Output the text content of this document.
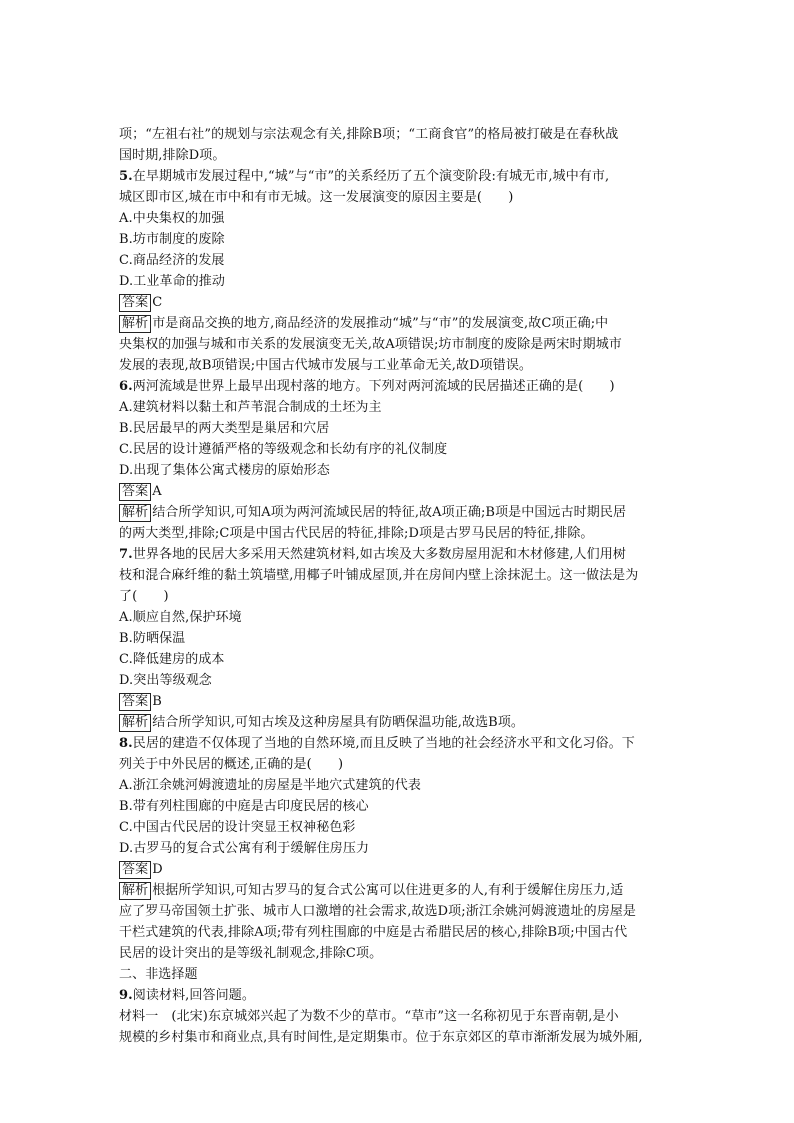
项；“左祖右社”的规划与宗法观念有关,排除B项；“工商食官”的格局被打破是在春秋战
国时期,排除D项。
5.在早期城市发展过程中,“城”与“市”的关系经历了五个演变阶段:有城无市,城中有市,
城区即市区,城在市中和有市无城。这一发展演变的原因主要是(　　)
A.中央集权的加强
B.坊市制度的废除
C.商品经济的发展
D.工业革命的推动
答案 C
解析 市是商品交换的地方,商品经济的发展推动“城”与“市”的发展演变,故C项正确;中
央集权的加强与城和市关系的发展演变无关,故A项错误;坊市制度的废除是两宋时期城市
发展的表现,故B项错误;中国古代城市发展与工业革命无关,故D项错误。
6.两河流域是世界上最早出现村落的地方。下列对两河流域的民居描述正确的是(　　)
A.建筑材料以黏土和芦苇混合制成的土坯为主
B.民居最早的两大类型是巢居和穴居
C.民居的设计遵循严格的等级观念和长幼有序的礼仪制度
D.出现了集体公寓式楼房的原始形态
答案 A
解析 结合所学知识,可知A项为两河流域民居的特征,故A项正确;B项是中国远古时期民居
的两大类型,排除;C项是中国古代民居的特征,排除;D项是古罗马民居的特征,排除。
7.世界各地的民居大多采用天然建筑材料,如古埃及大多数房屋用泥和木材修建,人们用树
枝和混合麻纤维的黏土筑墙壁,用椰子叶铺成屋顶,并在房间内壁上涂抹泥土。这一做法是为
了(　　)
A.顺应自然,保护环境
B.防晒保温
C.降低建房的成本
D.突出等级观念
答案 B
解析 结合所学知识,可知古埃及这种房屋具有防晒保温功能,故选B项。
8.民居的建造不仅体现了当地的自然环境,而且反映了当地的社会经济水平和文化习俗。下
列关于中外民居的概述,正确的是(　　)
A.浙江余姚河姆渡遗址的房屋是半地穴式建筑的代表
B.带有列柱围廊的中庭是古印度民居的核心
C.中国古代民居的设计突显王权神秘色彩
D.古罗马的复合式公寓有利于缓解住房压力
答案 D
解析 根据所学知识,可知古罗马的复合式公寓可以住进更多的人,有利于缓解住房压力,适
应了罗马帝国领土扩张、城市人口激增的社会需求,故选D项;浙江余姚河姆渡遗址的房屋是
干栏式建筑的代表,排除A项;带有列柱围廊的中庭是古希腊民居的核心,排除B项;中国古代
民居的设计突出的是等级礼制观念,排除C项。
二、非选择题
9.阅读材料,回答问题。
材料一　(北宋)东京城郊兴起了为数不少的草市。“草市”这一名称初见于东晋南朝,是小
规模的乡村集市和商业点,具有时间性,是定期集市。位于东京郊区的草市渐渐发展为城外厢,
